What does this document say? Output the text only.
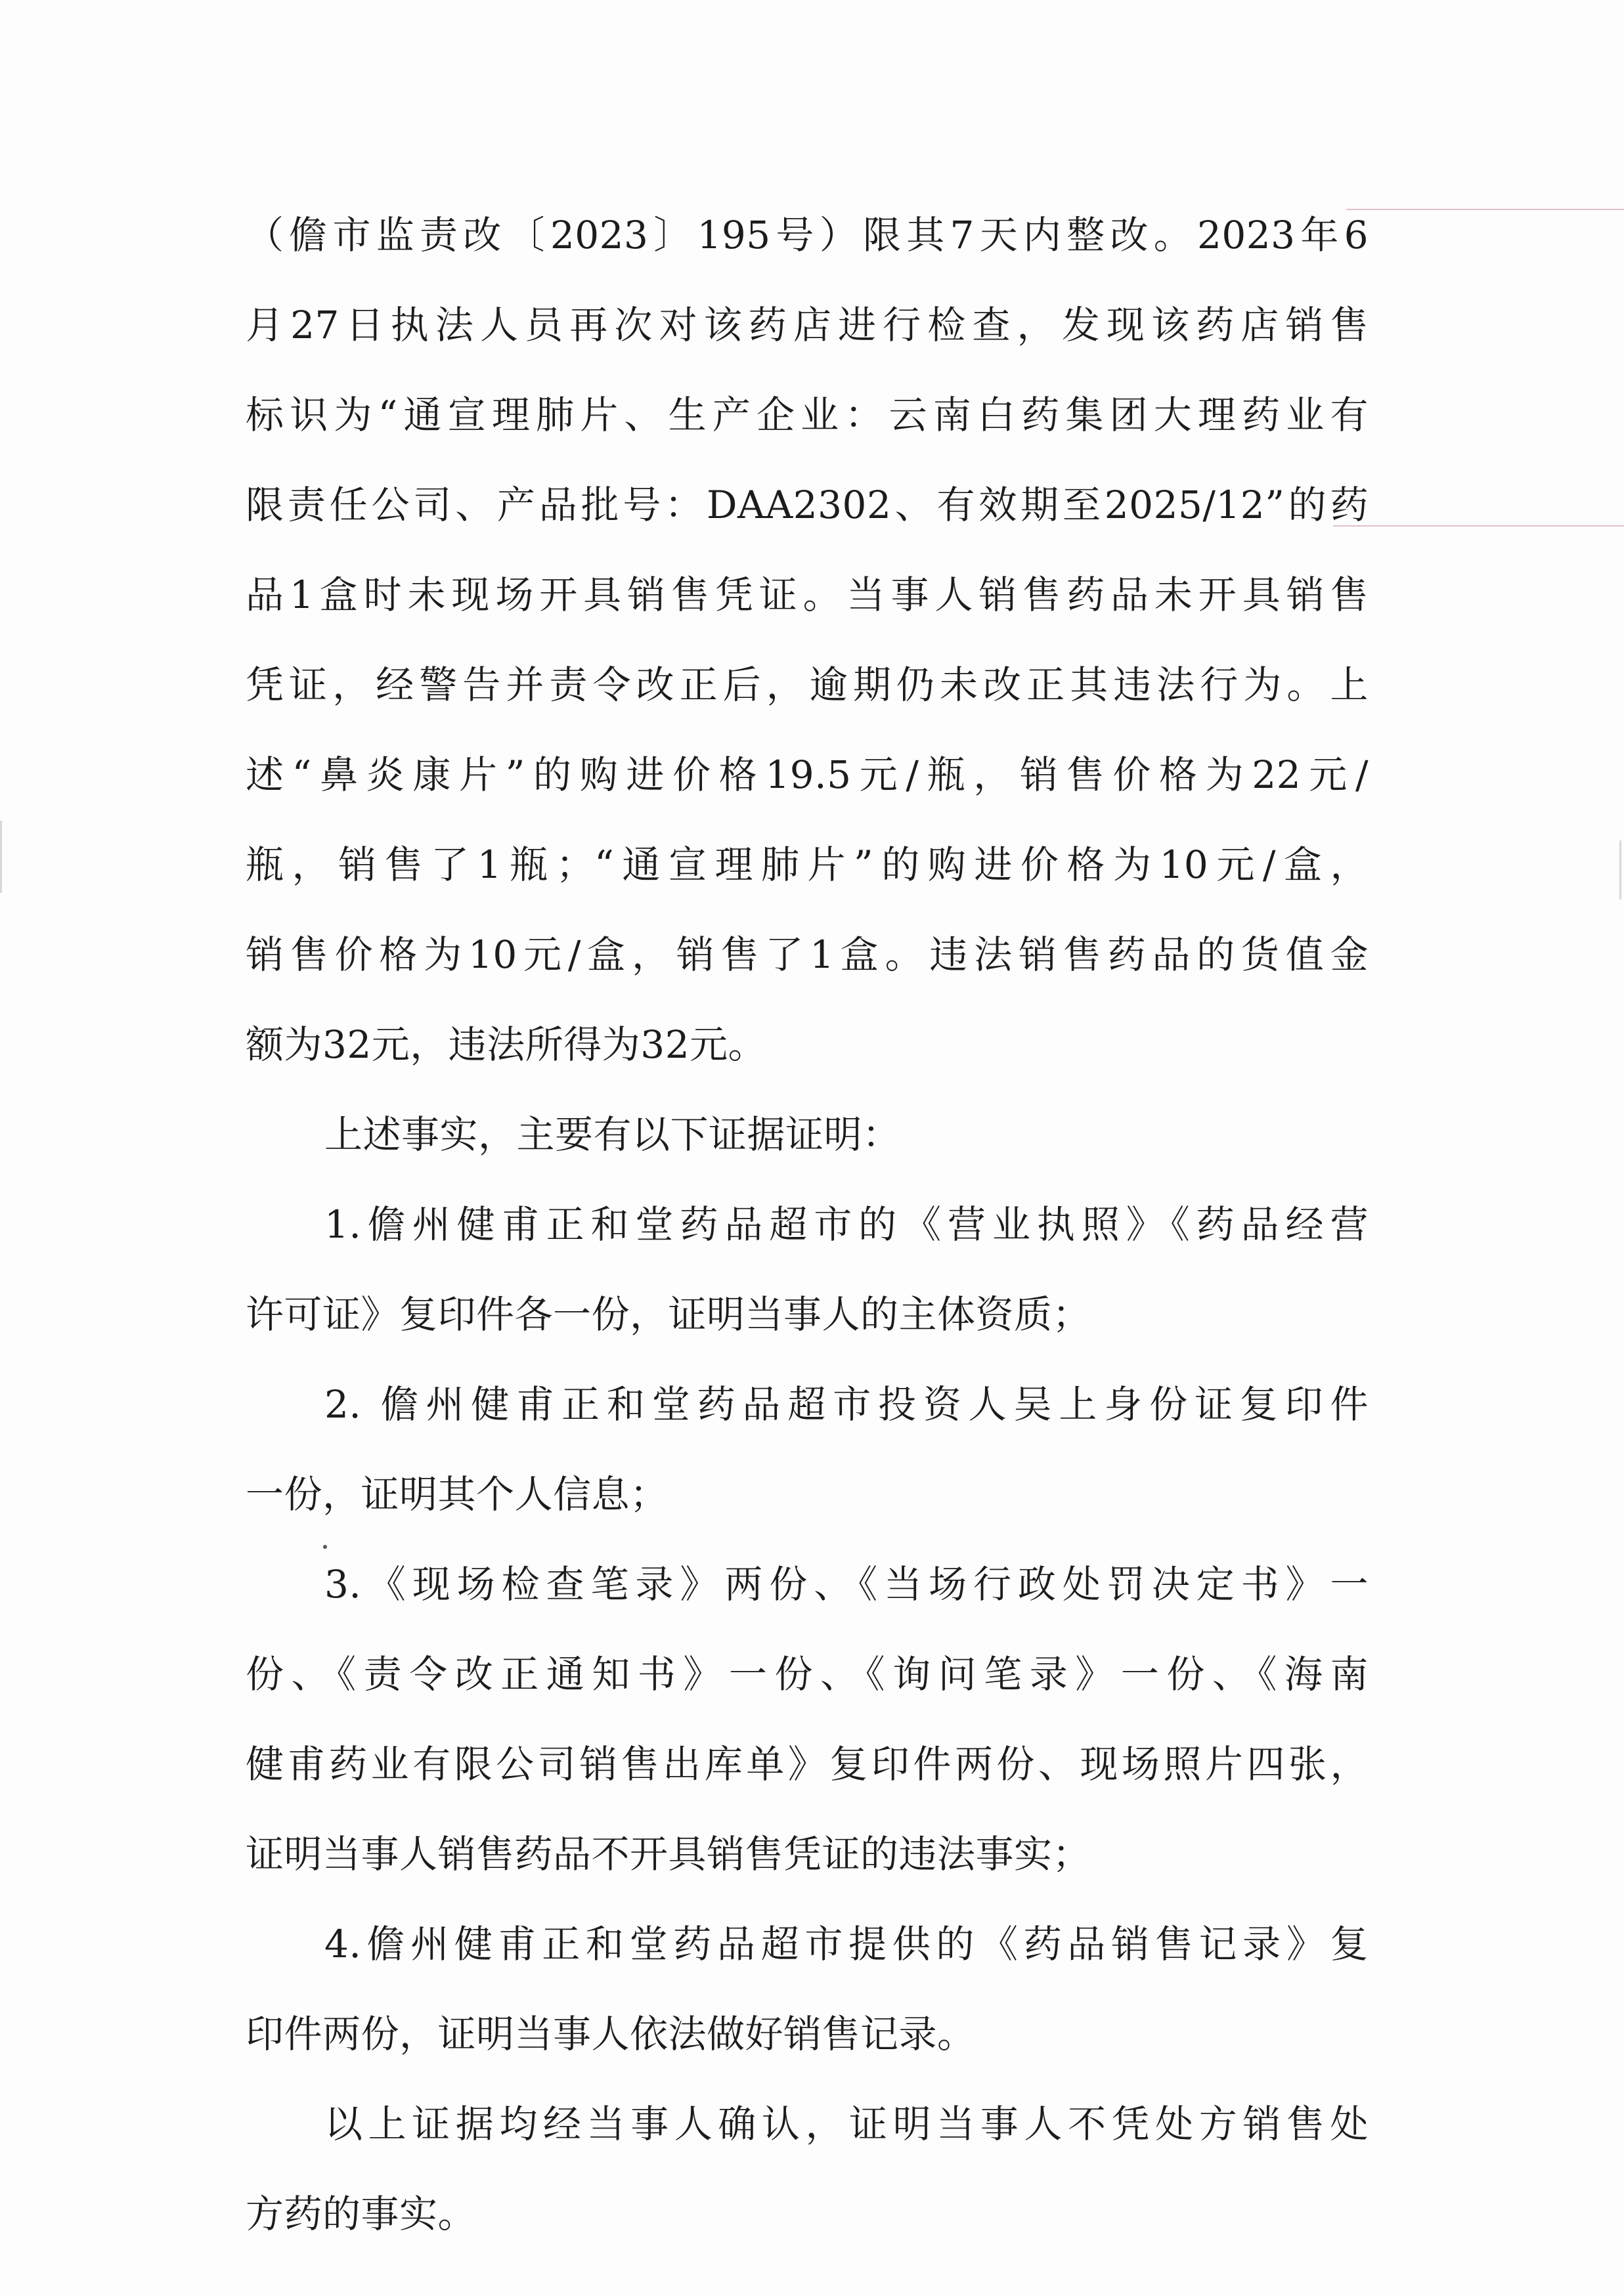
（儋市监责改〔2023〕195号）限其7天内整改。2023年6
月27日执法人员再次对该药店进行检查，发现该药店销售
标识为“通宣理肺片、生产企业：云南白药集团大理药业有
限责任公司、产品批号：DAA2302、有效期至2025/12”的药
品1盒时未现场开具销售凭证。当事人销售药品未开具销售
凭证，经警告并责令改正后，逾期仍未改正其违法行为。上
述“鼻炎康片”的购进价格19.5元/瓶，销售价格为22元/
瓶，销售了1瓶；“通宣理肺片”的购进价格为10元/盒，
销售价格为10元/盒，销售了1盒。违法销售药品的货值金
额为32元，违法所得为32元。
上述事实，主要有以下证据证明：
1.儋州健甫正和堂药品超市的《营业执照》《药品经营
许可证》复印件各一份，证明当事人的主体资质；
2. 儋州健甫正和堂药品超市投资人吴上身份证复印件
一份，证明其个人信息；
3.《现场检查笔录》两份、《当场行政处罚决定书》一
份、《责令改正通知书》一份、《询问笔录》一份、《海南
健甫药业有限公司销售出库单》复印件两份、现场照片四张，
证明当事人销售药品不开具销售凭证的违法事实；
4.儋州健甫正和堂药品超市提供的《药品销售记录》复
印件两份，证明当事人依法做好销售记录。
以上证据均经当事人确认，证明当事人不凭处方销售处
方药的事实。
